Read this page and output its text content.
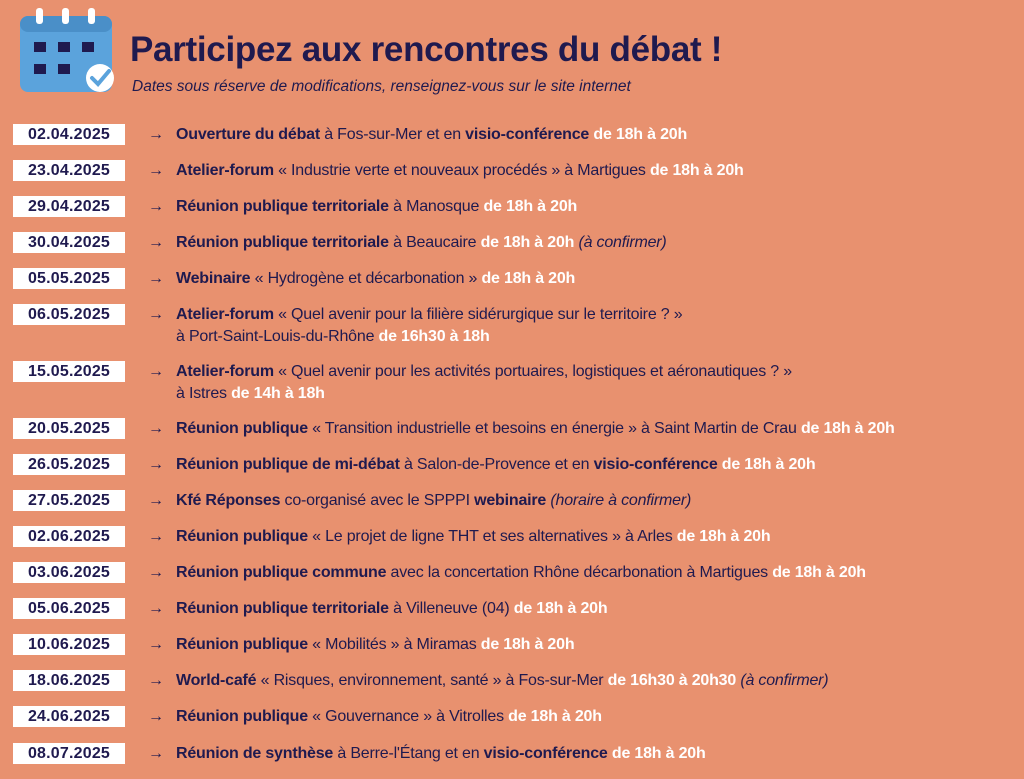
Participez aux rencontres du débat !
Dates sous réserve de modifications, renseignez-vous sur le site internet
02.04.2025	→ Ouverture du débat à Fos-sur-Mer et en visio-conférence de 18h à 20h
23.04.2025	→ Atelier-forum « Industrie verte et nouveaux procédés » à Martigues de 18h à 20h
29.04.2025	→ Réunion publique territoriale à Manosque de 18h à 20h
30.04.2025	→ Réunion publique territoriale à Beaucaire de 18h à 20h (à confirmer)
05.05.2025	→ Webinaire « Hydrogène et décarbonation » de 18h à 20h
06.05.2025	→ Atelier-forum « Quel avenir pour la filière sidérurgique sur le territoire ? »
à Port-Saint-Louis-du-Rhône de 16h30 à 18h
15.05.2025	→ Atelier-forum « Quel avenir pour les activités portuaires, logistiques et aéronautiques ? »
à Istres de 14h à 18h
20.05.2025	→ Réunion publique « Transition industrielle et besoins en énergie » à Saint Martin de Crau de 18h à 20h
26.05.2025	→ Réunion publique de mi-débat à Salon-de-Provence et en visio-conférence de 18h à 20h
27.05.2025	→ Kfé Réponses co-organisé avec le SPPPI webinaire (horaire à confirmer)
02.06.2025	→ Réunion publique « Le projet de ligne THT et ses alternatives » à Arles de 18h à 20h
03.06.2025	→ Réunion publique commune avec la concertation Rhône décarbonation à Martigues de 18h à 20h
05.06.2025	→ Réunion publique territoriale à Villeneuve (04) de 18h à 20h
10.06.2025	→ Réunion publique « Mobilités » à Miramas de 18h à 20h
18.06.2025	→ World-café « Risques, environnement, santé » à Fos-sur-Mer de 16h30 à 20h30 (à confirmer)
24.06.2025	→ Réunion publique « Gouvernance » à Vitrolles de 18h à 20h
08.07.2025	→ Réunion de synthèse à Berre-l'Étang et en visio-conférence de 18h à 20h
